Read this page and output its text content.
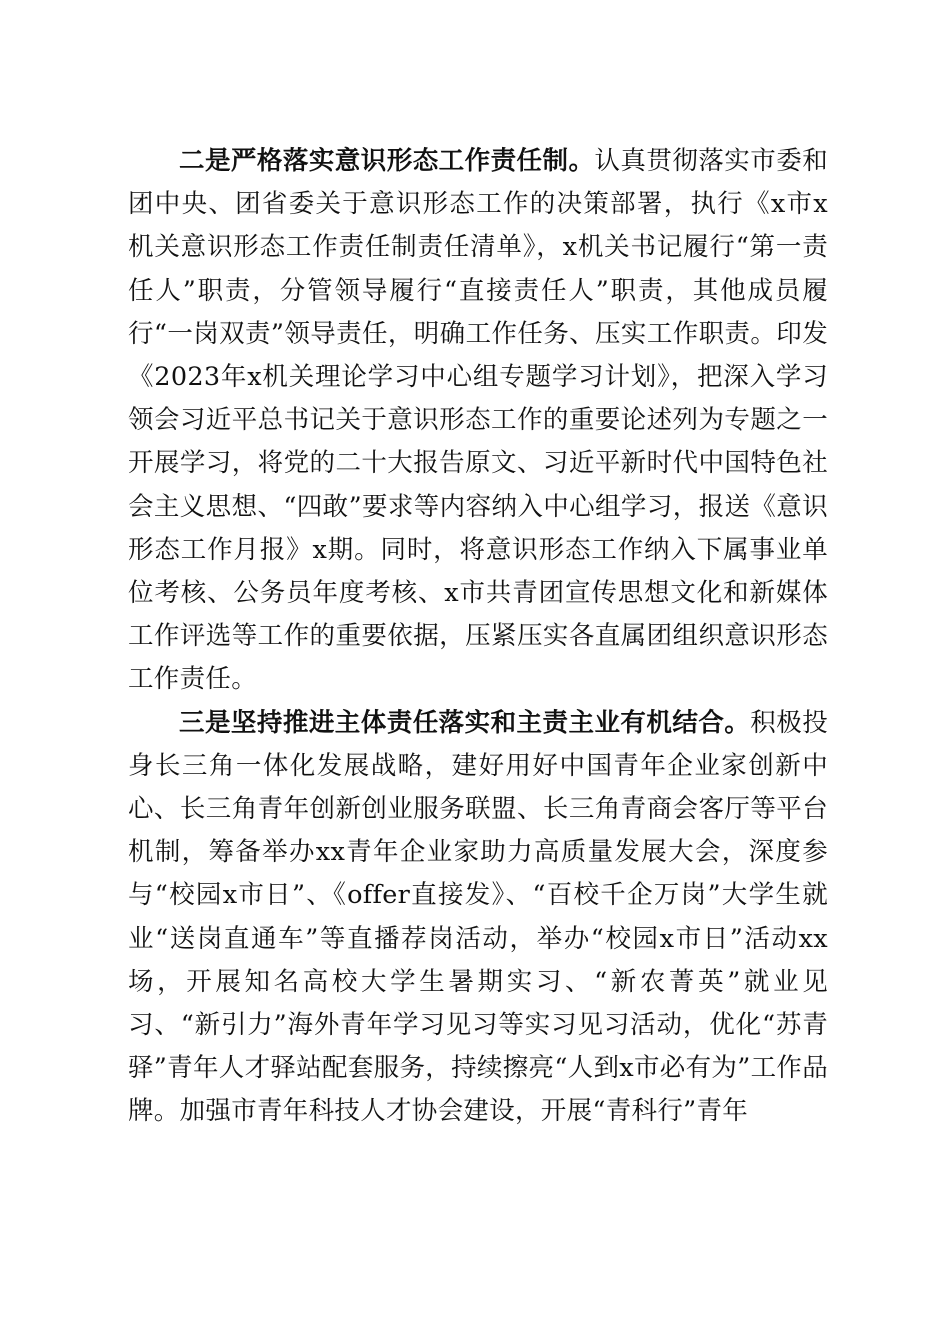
二是严格落实意识形态工作责任制。认真贯彻落实市委和团中央、团省委关于意识形态工作的决策部署，执行《x市x机关意识形态工作责任制责任清单》，x机关书记履行“第一责任人”职责，分管领导履行“直接责任人”职责，其他成员履行“一岗双责”领导责任，明确工作任务、压实工作职责。印发《2023年x机关理论学习中心组专题学习计划》，把深入学习领会习近平总书记关于意识形态工作的重要论述列为专题之一开展学习，将党的二十大报告原文、习近平新时代中国特色社会主义思想、“四敢”要求等内容纳入中心组学习，报送《意识形态工作月报》x期。同时，将意识形态工作纳入下属事业单位考核、公务员年度考核、x市共青团宣传思想文化和新媒体工作评选等工作的重要依据，压紧压实各直属团组织意识形态工作责任。

三是坚持推进主体责任落实和主责主业有机结合。积极投身长三角一体化发展战略，建好用好中国青年企业家创新中心、长三角青年创新创业服务联盟、长三角青商会客厅等平台机制，筹备举办xx青年企业家助力高质量发展大会，深度参与“校园x市日”、《offer直接发》、“百校千企万岗”大学生就业“送岗直通车”等直播荐岗活动，举办“校园x市日”活动xx场，开展知名高校大学生暑期实习、“新农菁英”就业见习、“新引力”海外青年学习见习等实习见习活动，优化“苏青驿”青年人才驿站配套服务，持续擦亮“人到x市必有为”工作品牌。加强市青年科技人才协会建设，开展“青科行”青年
